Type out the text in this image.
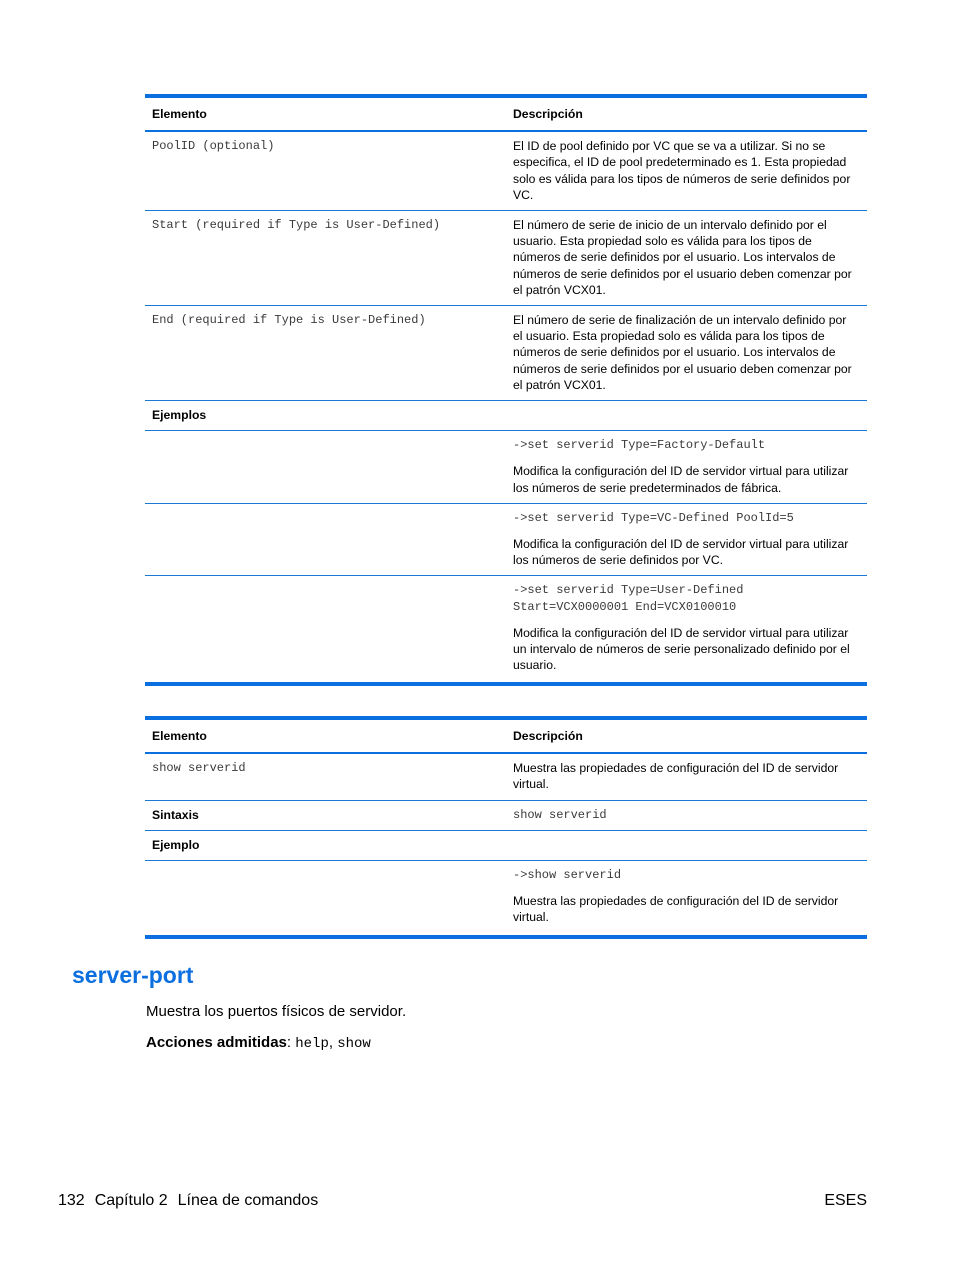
Elemento	Descripción
PoolID (optional)	El ID de pool definido por VC que se va a utilizar. Si no se especifica, el ID de pool predeterminado es 1. Esta propiedad solo es válida para los tipos de números de serie definidos por VC.
Start (required if Type is User-Defined)	El número de serie de inicio de un intervalo definido por el usuario. Esta propiedad solo es válida para los tipos de números de serie definidos por el usuario. Los intervalos de números de serie definidos por el usuario deben comenzar por el patrón VCX01.
End (required if Type is User-Defined)	El número de serie de finalización de un intervalo definido por el usuario. Esta propiedad solo es válida para los tipos de números de serie definidos por el usuario. Los intervalos de números de serie definidos por el usuario deben comenzar por el patrón VCX01.
Ejemplos	

	->set serverid Type=Factory-Default
Modifica la configuración del ID de servidor virtual para utilizar los números de serie predeterminados de fábrica.

	->set serverid Type=VC-Defined PoolId=5
Modifica la configuración del ID de servidor virtual para utilizar los números de serie definidos por VC.

	->set serverid Type=User-Defined
Start=VCX0000001 End=VCX0100010
Modifica la configuración del ID de servidor virtual para utilizar un intervalo de números de serie personalizado definido por el usuario.
Elemento	Descripción
show serverid	Muestra las propiedades de configuración del ID de servidor virtual.
Sintaxis	show serverid
Ejemplo	

	->show serverid
Muestra las propiedades de configuración del ID de servidor virtual.
server-port
Muestra los puertos físicos de servidor.
Acciones admitidas: help, show
132 Capítulo 2 Línea de comandos	ESES
